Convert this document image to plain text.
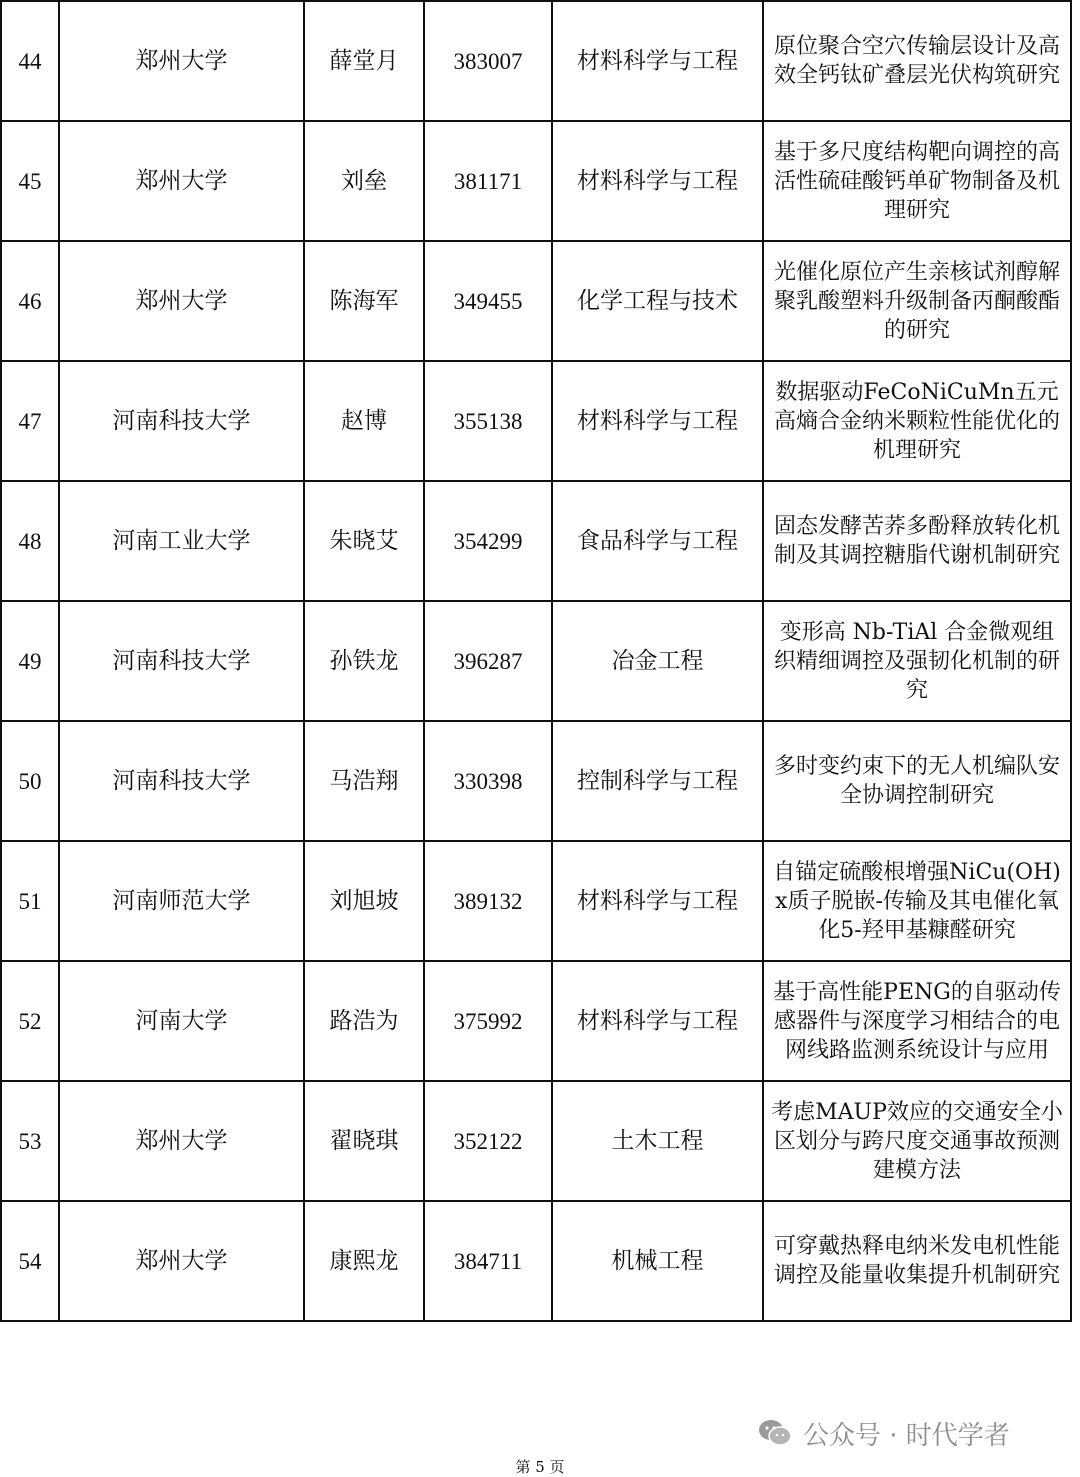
44	郑州大学	薛堂月	383007	材料科学与工程	原位聚合空穴传输层设计及高效全钙钛矿叠层光伏构筑研究

45	郑州大学	刘垒	381171	材料科学与工程	基于多尺度结构靶向调控的高活性硫硅酸钙单矿物制备及机理研究

46	郑州大学	陈海军	349455	化学工程与技术	光催化原位产生亲核试剂醇解聚乳酸塑料升级制备丙酮酸酯的研究

47	河南科技大学	赵博	355138	材料科学与工程	数据驱动FeCoNiCuMn五元高熵合金纳米颗粒性能优化的机理研究

48	河南工业大学	朱晓艾	354299	食品科学与工程	固态发酵苦荞多酚释放转化机制及其调控糖脂代谢机制研究

49	河南科技大学	孙铁龙	396287	冶金工程	变形高 Nb-TiAl 合金微观组织精细调控及强韧化机制的研究

50	河南科技大学	马浩翔	330398	控制科学与工程	多时变约束下的无人机编队安全协调控制研究

51	河南师范大学	刘旭坡	389132	材料科学与工程	自锚定硫酸根增强NiCu(OH)x质子脱嵌-传输及其电催化氧化5-羟甲基糠醛研究

52	河南大学	路浩为	375992	材料科学与工程	基于高性能PENG的自驱动传感器件与深度学习相结合的电网线路监测系统设计与应用

53	郑州大学	翟晓琪	352122	土木工程	考虑MAUP效应的交通安全小区划分与跨尺度交通事故预测建模方法

54	郑州大学	康熙龙	384711	机械工程	可穿戴热释电纳米发电机性能调控及能量收集提升机制研究
公众号 · 时代学者
第 5 页
